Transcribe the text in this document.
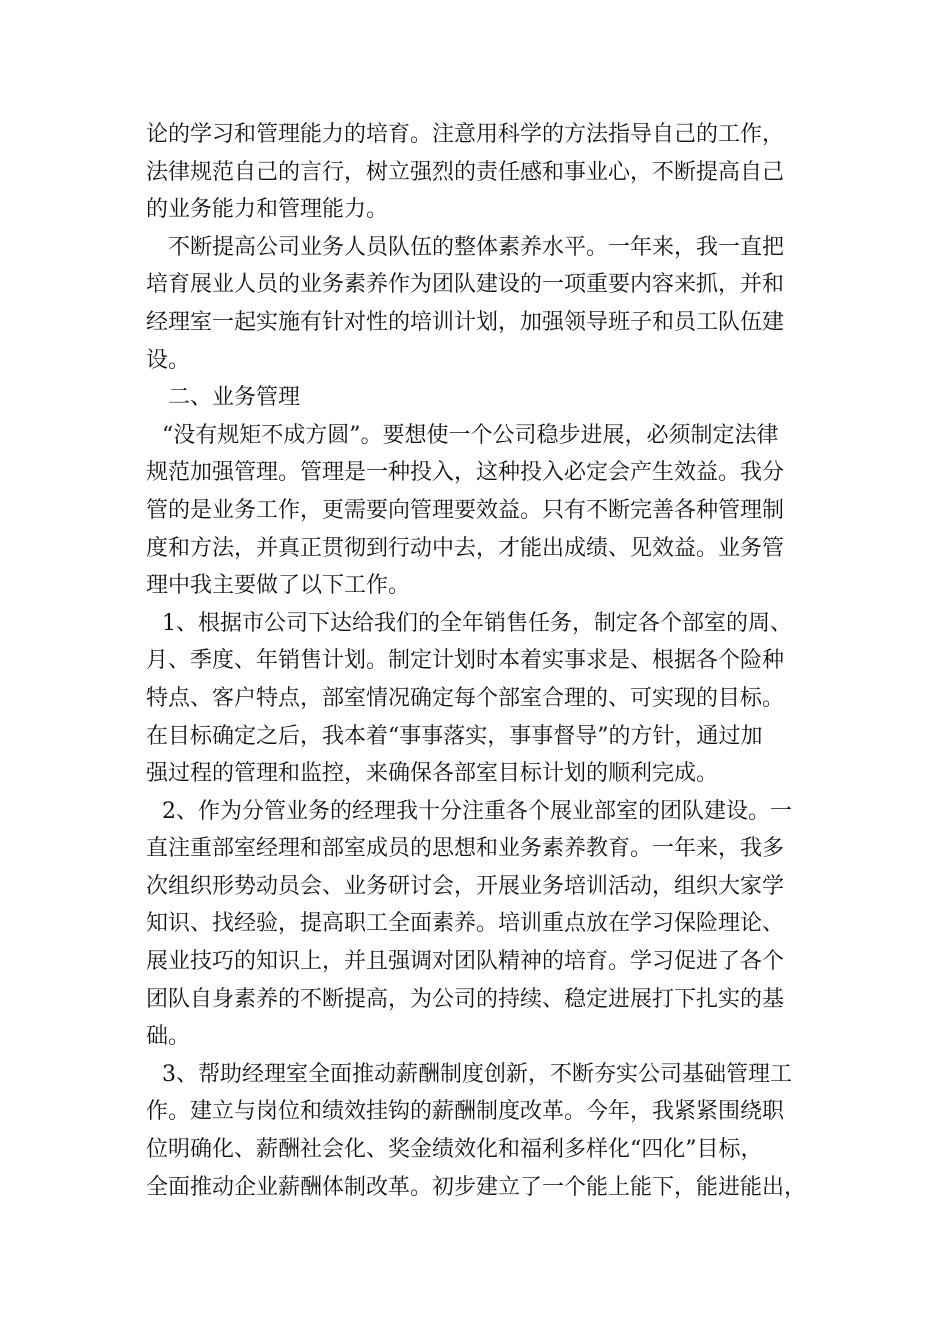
论的学习和管理能力的培育。注意用科学的方法指导自己的工作，
法律规范自己的言行，树立强烈的责任感和事业心，不断提高自己
的业务能力和管理能力。
不断提高公司业务人员队伍的整体素养水平。一年来，我一直把
培育展业人员的业务素养作为团队建设的一项重要内容来抓，并和
经理室一起实施有针对性的培训计划，加强领导班子和员工队伍建
设。
二、业务管理
“没有规矩不成方圆”。要想使一个公司稳步进展，必须制定法律
规范加强管理。管理是一种投入，这种投入必定会产生效益。我分
管的是业务工作，更需要向管理要效益。只有不断完善各种管理制
度和方法，并真正贯彻到行动中去，才能出成绩、见效益。业务管
理中我主要做了以下工作。
1、根据市公司下达给我们的全年销售任务，制定各个部室的周、
月、季度、年销售计划。制定计划时本着实事求是、根据各个险种
特点、客户特点，部室情况确定每个部室合理的、可实现的目标。
在目标确定之后，我本着“事事落实，事事督导”的方针，通过加
强过程的管理和监控，来确保各部室目标计划的顺利完成。
2、作为分管业务的经理我十分注重各个展业部室的团队建设。一
直注重部室经理和部室成员的思想和业务素养教育。一年来，我多
次组织形势动员会、业务研讨会，开展业务培训活动，组织大家学
知识、找经验，提高职工全面素养。培训重点放在学习保险理论、
展业技巧的知识上，并且强调对团队精神的培育。学习促进了各个
团队自身素养的不断提高，为公司的持续、稳定进展打下扎实的基
础。
3、帮助经理室全面推动薪酬制度创新，不断夯实公司基础管理工
作。建立与岗位和绩效挂钩的薪酬制度改革。今年，我紧紧围绕职
位明确化、薪酬社会化、奖金绩效化和福利多样化“四化”目标，
全面推动企业薪酬体制改革。初步建立了一个能上能下，能进能出，
